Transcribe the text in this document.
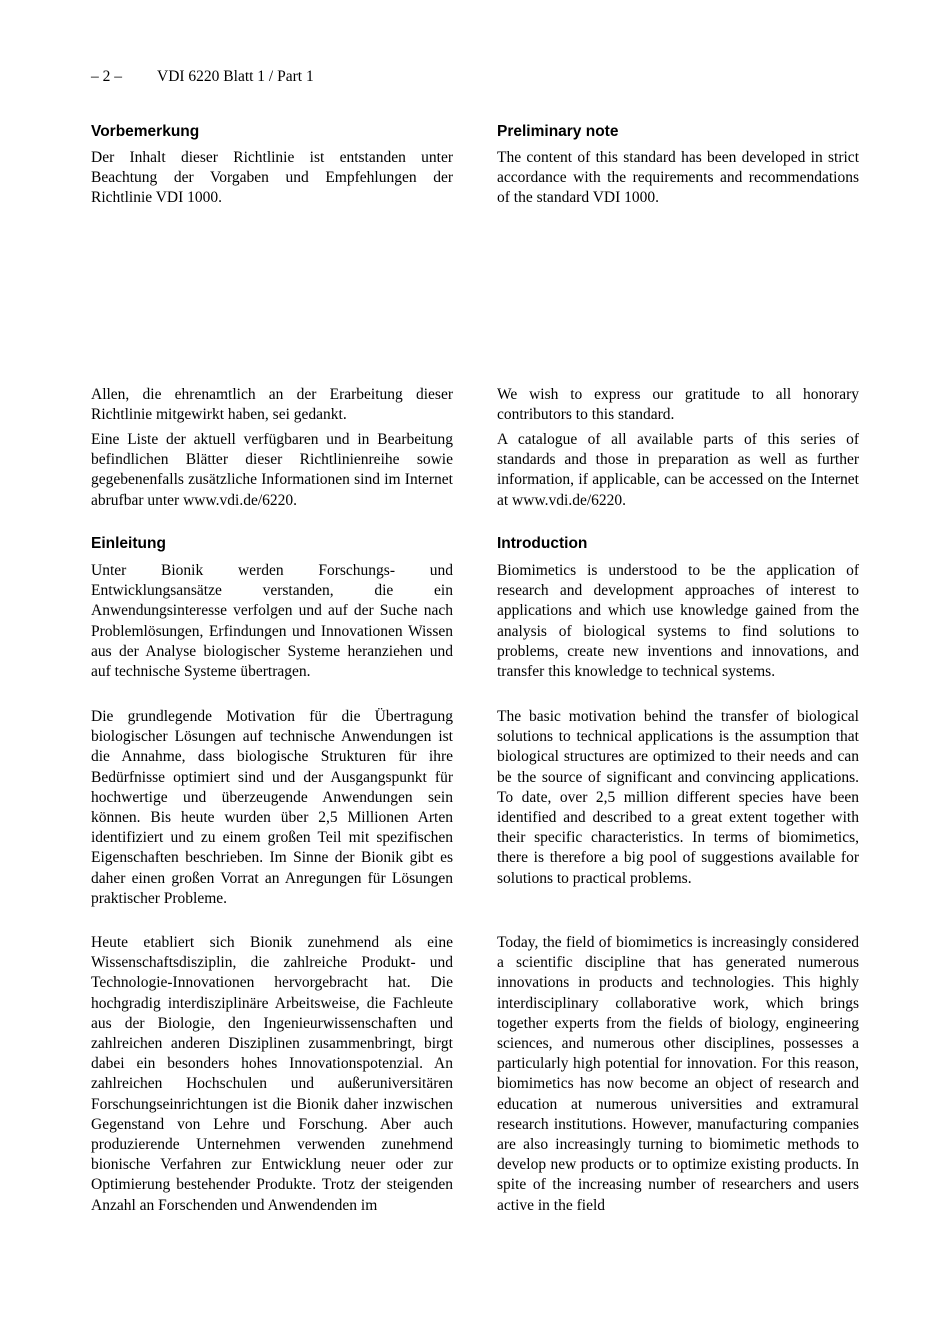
– 2 – VDI 6220 Blatt 1 / Part 1
Vorbemerkung

Der Inhalt dieser Richtlinie ist entstanden unter Beachtung der Vorgaben und Empfehlungen der Richtlinie VDI 1000.

Allen, die ehrenamtlich an der Erarbeitung dieser Richtlinie mitgewirkt haben, sei gedankt.

Eine Liste der aktuell verfügbaren und in Bearbeitung befindlichen Blätter dieser Richtlinienreihe sowie gegebenenfalls zusätzliche Informationen sind im Internet abrufbar unter www.vdi.de/6220.

Einleitung

Unter Bionik werden Forschungs- und Entwicklungsansätze verstanden, die ein Anwendungsinteresse verfolgen und auf der Suche nach Problemlösungen, Erfindungen und Innovationen Wissen aus der Analyse biologischer Systeme heranziehen und auf technische Systeme übertragen.

Die grundlegende Motivation für die Übertragung biologischer Lösungen auf technische Anwendungen ist die Annahme, dass biologische Strukturen für ihre Bedürfnisse optimiert sind und der Ausgangspunkt für hochwertige und überzeugende Anwendungen sein können. Bis heute wurden über 2,5 Millionen Arten identifiziert und zu einem großen Teil mit spezifischen Eigenschaften beschrieben. Im Sinne der Bionik gibt es daher einen großen Vorrat an Anregungen für Lösungen praktischer Probleme.

Heute etabliert sich Bionik zunehmend als eine Wissenschaftsdisziplin, die zahlreiche Produkt- und Technologie-Innovationen hervorgebracht hat. Die hochgradig interdisziplinäre Arbeitsweise, die Fachleute aus der Biologie, den Ingenieurwissenschaften und zahlreichen anderen Disziplinen zusammenbringt, birgt dabei ein besonders hohes Innovationspotenzial. An zahlreichen Hochschulen und außeruniversitären Forschungseinrichtungen ist die Bionik daher inzwischen Gegenstand von Lehre und Forschung. Aber auch produzierende Unternehmen verwenden zunehmend bionische Verfahren zur Entwicklung neuer oder zur Optimierung bestehender Produkte. Trotz der steigenden Anzahl an Forschenden und Anwendenden im

Preliminary note

The content of this standard has been developed in strict accordance with the requirements and recommendations of the standard VDI 1000.

We wish to express our gratitude to all honorary contributors to this standard.

A catalogue of all available parts of this series of standards and those in preparation as well as further information, if applicable, can be accessed on the Internet at www.vdi.de/6220.

Introduction

Biomimetics is understood to be the application of research and development approaches of interest to applications and which use knowledge gained from the analysis of biological systems to find solutions to problems, create new inventions and innovations, and transfer this knowledge to technical systems.

The basic motivation behind the transfer of biological solutions to technical applications is the assumption that biological structures are optimized to their needs and can be the source of significant and convincing applications. To date, over 2,5 million different species have been identified and described to a great extent together with their specific characteristics. In terms of biomimetics, there is therefore a big pool of suggestions available for solutions to practical problems.

Today, the field of biomimetics is increasingly considered a scientific discipline that has generated numerous innovations in products and technologies. This highly interdisciplinary collaborative work, which brings together experts from the fields of biology, engineering sciences, and numerous other disciplines, possesses a particularly high potential for innovation. For this reason, biomimetics has now become an object of research and education at numerous universities and extramural research institutions. However, manufacturing companies are also increasingly turning to biomimetic methods to develop new products or to optimize existing products. In spite of the increasing number of researchers and users active in the field
